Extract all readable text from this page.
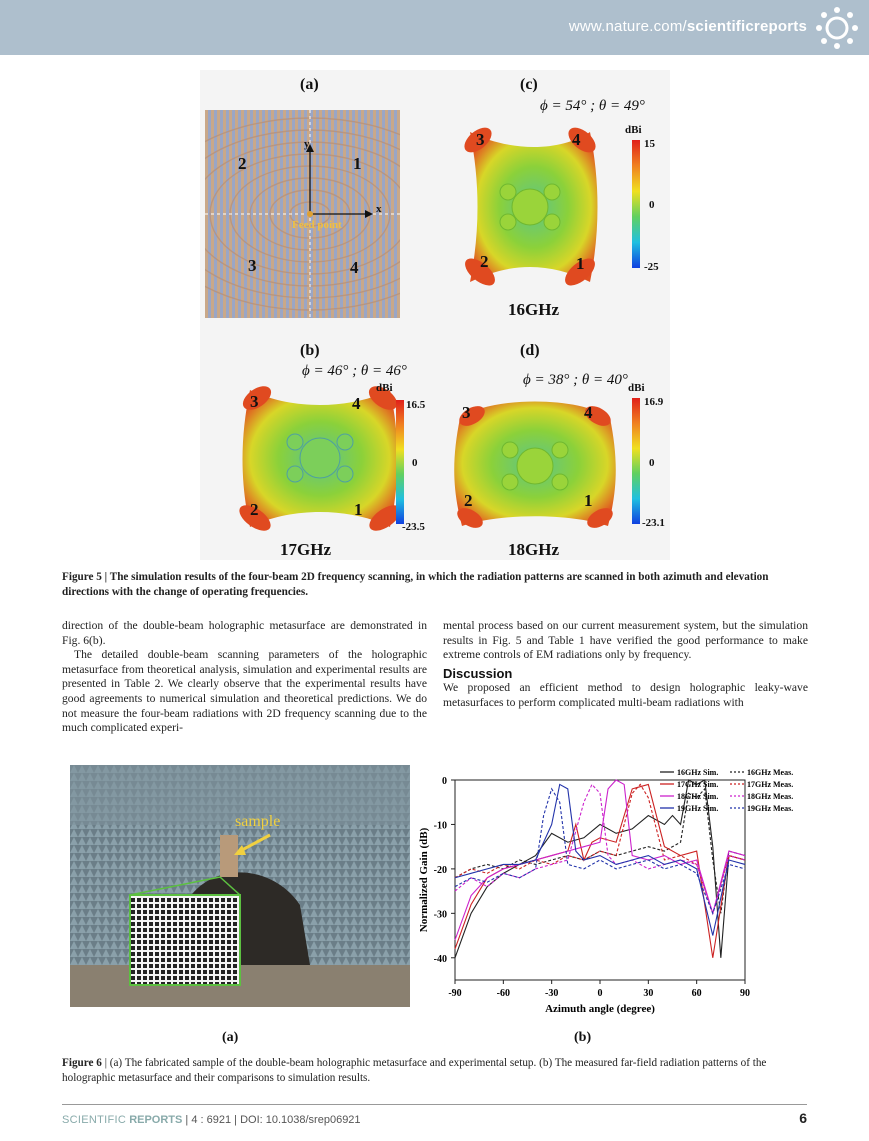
www.nature.com/scientificreports
(a)
x
y
Feed point
2	1
3	4
(c)
ϕ = 54° ; θ = 49°
3	4
2	1
dBi
15
0
-25
16GHz
(b)
ϕ = 46° ; θ = 46°
3	4
2	1
dBi
16.5
0
-23.5
17GHz
(d)
ϕ = 38° ; θ = 40°
3	4
2	1
dBi
16.9
0
-23.1
18GHz
Figure 5 | The simulation results of the four-beam 2D frequency scanning, in which the radiation patterns are scanned in both azimuth and elevation directions with the change of operating frequencies.

direction of the double-beam holographic metasurface are demonstrated in Fig. 6(b).

The detailed double-beam scanning parameters of the holographic metasurface from theoretical analysis, simulation and experimental results are presented in Table 2. We clearly observe that the experimental results have good agreements to numerical simulation and theoretical predictions. We do not measure the four-beam radiations with 2D frequency scanning due to the much complicated experi-

mental process based on our current measurement system, but the simulation results in Fig. 5 and Table 1 have verified the good performance to make extreme controls of EM radiations only by frequency.

Discussion

We proposed an efficient method to design holographic leaky-wave metasurfaces to perform complicated multi-beam radiations with

sample
(a)
-90	-60	-30	0	30	60	90
0
-10
-20
-30
-40
Azimuth angle (degree)
Normalized Gain (dB)
16GHz Sim.	16GHz Meas.
17GHz Sim.	17GHz Meas.
18GHz Sim.	18GHz Meas.
19GHz Sim.	19GHz Meas.
(b)
Figure 6 | (a) The fabricated sample of the double-beam holographic metasurface and experimental setup. (b) The measured far-field radiation patterns of the holographic metasurface and their comparisons to simulation results.
SCIENTIFIC REPORTS | 4 : 6921 | DOI: 10.1038/srep06921	6
